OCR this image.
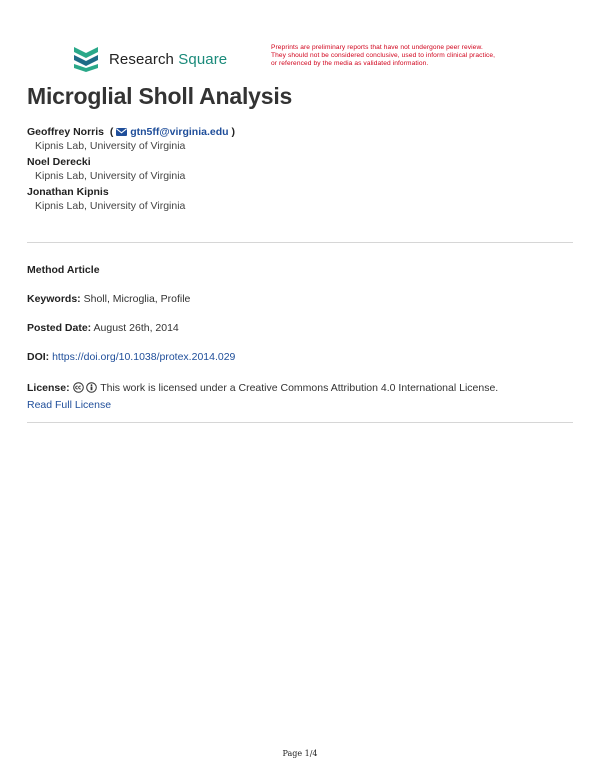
Research Square
Preprints are preliminary reports that have not undergone peer review.
They should not be considered conclusive, used to inform clinical practice,
or referenced by the media as validated information.
Microglial Sholl Analysis
Geoffrey Norris  (  gtn5ff@virginia.edu )
Kipnis Lab, University of Virginia
Noel Derecki
Kipnis Lab, University of Virginia
Jonathan Kipnis
Kipnis Lab, University of Virginia
Method Article
Keywords: Sholl, Microglia, Profile
Posted Date: August 26th, 2014
DOI: https://doi.org/10.1038/protex.2014.029
License:	This work is licensed under a Creative Commons Attribution 4.0 International License.
Read Full License
Page 1/4
